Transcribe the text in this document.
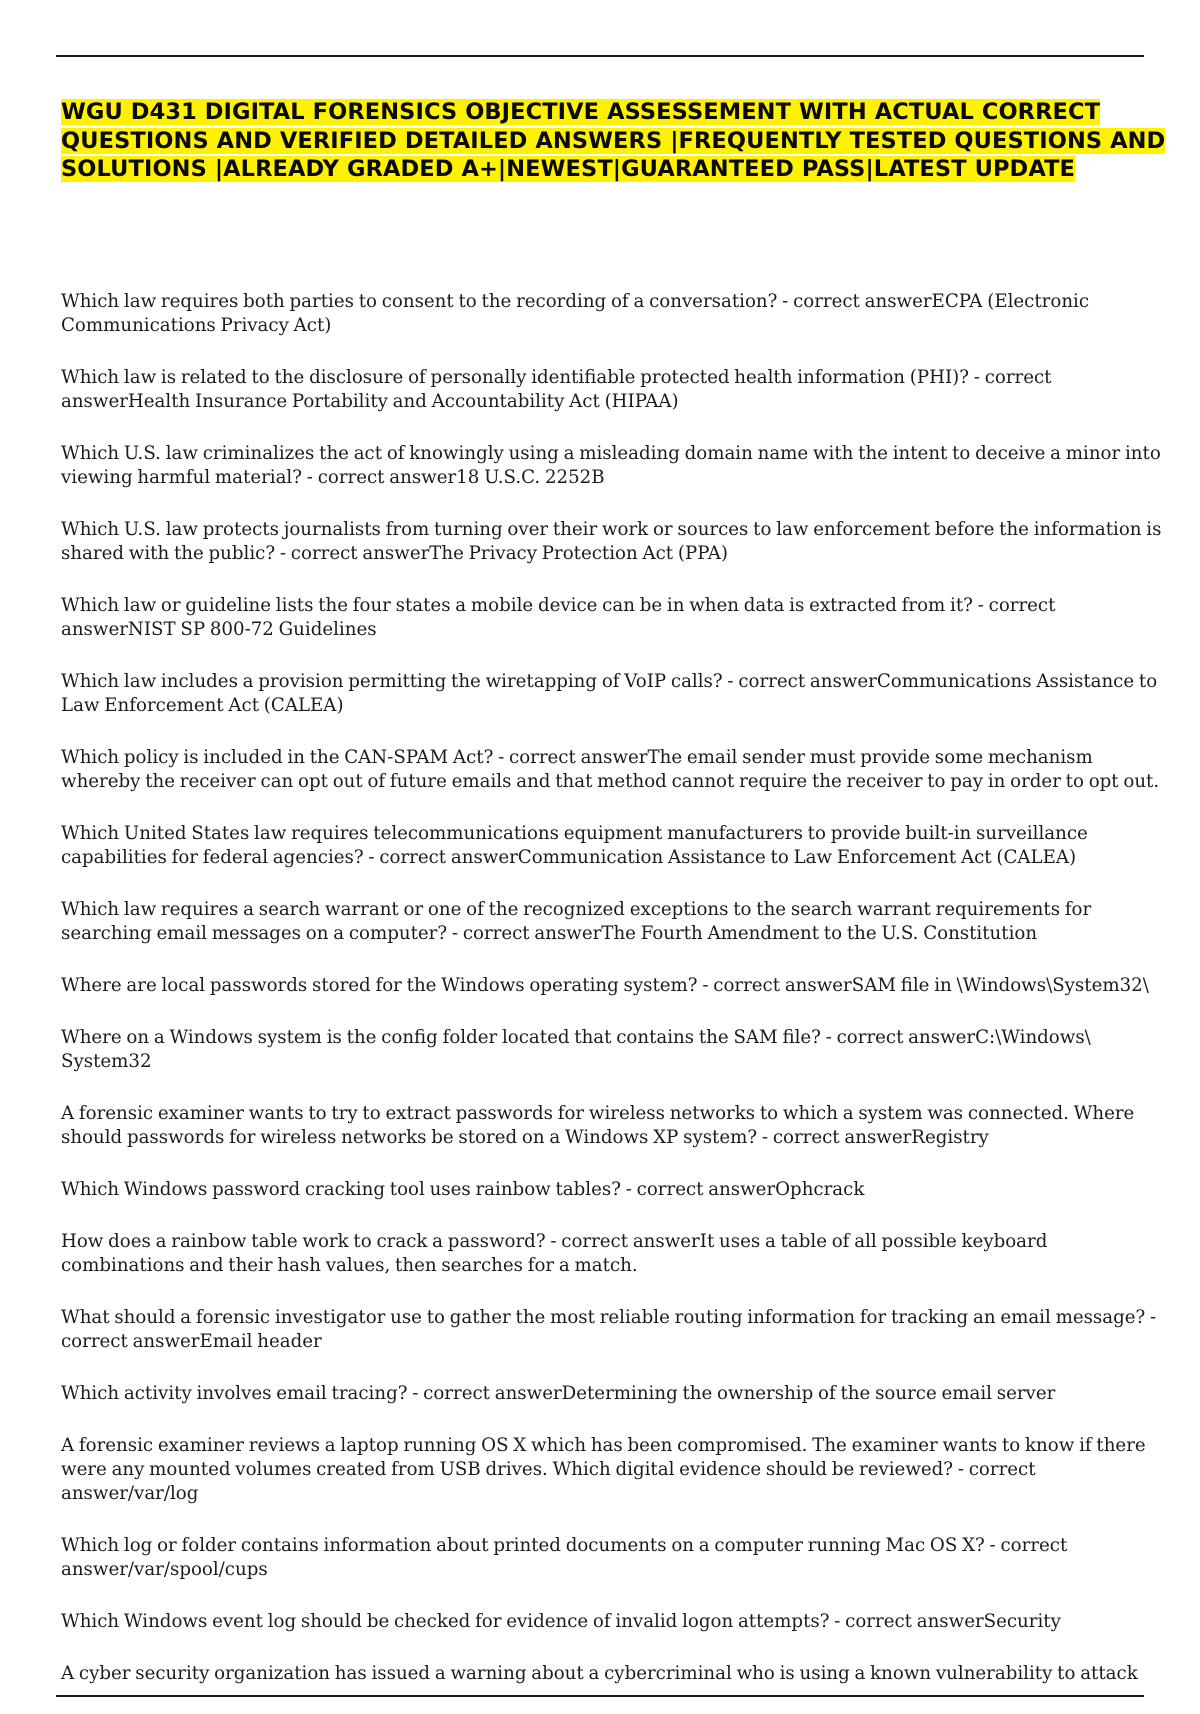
WGU D431 DIGITAL FORENSICS OBJECTIVE ASSESSEMENT WITH ACTUAL CORRECT QUESTIONS AND VERIFIED DETAILED ANSWERS |FREQUENTLY TESTED QUESTIONS AND SOLUTIONS |ALREADY GRADED A+|NEWEST|GUARANTEED PASS|LATEST UPDATE

Which law requires both parties to consent to the recording of a conversation? - correct answerECPA (Electronic Communications Privacy Act)

Which law is related to the disclosure of personally identifiable protected health information (PHI)? - correct answerHealth Insurance Portability and Accountability Act (HIPAA)

Which U.S. law criminalizes the act of knowingly using a misleading domain name with the intent to deceive a minor into viewing harmful material? - correct answer18 U.S.C. 2252B

Which U.S. law protects journalists from turning over their work or sources to law enforcement before the information is shared with the public? - correct answerThe Privacy Protection Act (PPA)

Which law or guideline lists the four states a mobile device can be in when data is extracted from it? - correct answerNIST SP 800-72 Guidelines

Which law includes a provision permitting the wiretapping of VoIP calls? - correct answerCommunications Assistance to Law Enforcement Act (CALEA)

Which policy is included in the CAN-SPAM Act? - correct answerThe email sender must provide some mechanism whereby the receiver can opt out of future emails and that method cannot require the receiver to pay in order to opt out.

Which United States law requires telecommunications equipment manufacturers to provide built-in surveillance capabilities for federal agencies? - correct answerCommunication Assistance to Law Enforcement Act (CALEA)

Which law requires a search warrant or one of the recognized exceptions to the search warrant requirements for searching email messages on a computer? - correct answerThe Fourth Amendment to the U.S. Constitution

Where are local passwords stored for the Windows operating system? - correct answerSAM file in \Windows\System32\

Where on a Windows system is the config folder located that contains the SAM file? - correct answerC:\Windows\ System32

A forensic examiner wants to try to extract passwords for wireless networks to which a system was connected. Where should passwords for wireless networks be stored on a Windows XP system? - correct answerRegistry

Which Windows password cracking tool uses rainbow tables? - correct answerOphcrack

How does a rainbow table work to crack a password? - correct answerIt uses a table of all possible keyboard combinations and their hash values, then searches for a match.

What should a forensic investigator use to gather the most reliable routing information for tracking an email message? - correct answerEmail header

Which activity involves email tracing? - correct answerDetermining the ownership of the source email server

A forensic examiner reviews a laptop running OS X which has been compromised. The examiner wants to know if there were any mounted volumes created from USB drives. Which digital evidence should be reviewed? - correct answer/var/log

Which log or folder contains information about printed documents on a computer running Mac OS X? - correct answer/var/spool/cups

Which Windows event log should be checked for evidence of invalid logon attempts? - correct answerSecurity

A cyber security organization has issued a warning about a cybercriminal who is using a known vulnerability to attack
